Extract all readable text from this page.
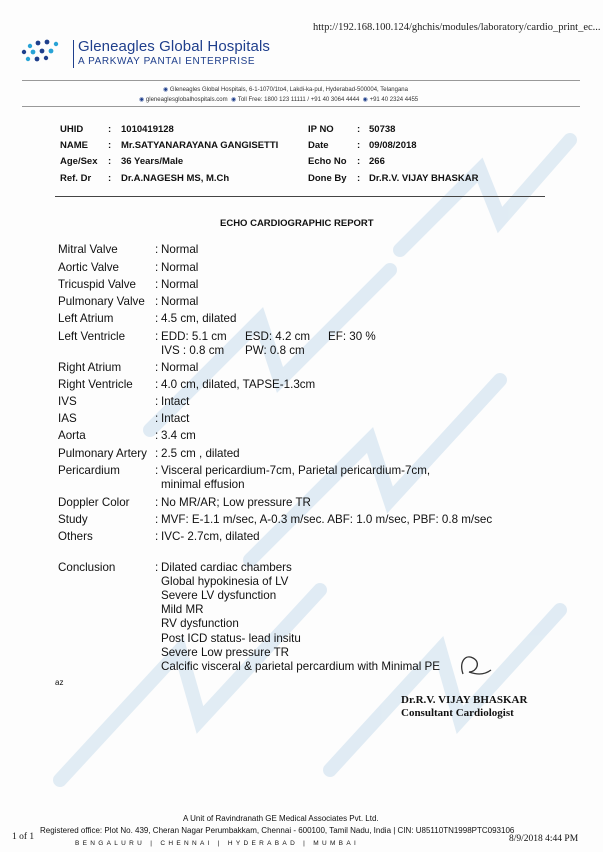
http://192.168.100.124/ghchis/modules/laboratory/cardio_print_ec...
Gleneagles Global Hospitals
A PARKWAY PANTAI ENTERPRISE
◉ Gleneagles Global Hospitals, 6-1-1070/1to4, Lakdi-ka-pul, Hyderabad-500004, Telangana
◉ gleneaglesglobalhospitals.com ◉ Toll Free: 1800 123 11111 / +91 40 3064 4444 ◉ +91 40 2324 4455
UHID	: 1010419128
NAME : Mr.SATYANARAYANA GANGISETTI
Age/Sex : 36 Years/Male
Ref. Dr : Dr.A.NAGESH MS, M.Ch
IP NO : 50738
Date	: 09/08/2018
Echo No : 266
Done By : Dr.R.V. VIJAY BHASKAR
ECHO CARDIOGRAPHIC REPORT
Mitral Valve	: Normal
Aortic Valve	: Normal
Tricuspid Valve : Normal
Pulmonary Valve : Normal
Left Atrium	: 4.5 cm, dilated
Left Ventricle	: EDD: 5.1 cm ESD: 4.2 cm EF: 30 %
IVS : 0.8 cm PW: 0.8 cm
Right Atrium	: Normal
Right Ventricle : 4.0 cm, dilated, TAPSE-1.3cm
IVS	: Intact
IAS	: Intact
Aorta	: 3.4 cm
Pulmonary Artery : 2.5 cm , dilated
Pericardium	: Visceral pericardium-7cm, Parietal pericardium-7cm,
minimal effusion
Doppler Color : No MR/AR; Low pressure TR
Study	: MVF: E-1.1 m/sec, A-0.3 m/sec. ABF: 1.0 m/sec, PBF: 0.8 m/sec
Others	: IVC- 2.7cm, dilated
Conclusion	: Dilated cardiac chambers
Global hypokinesia of LV
Severe LV dysfunction
Mild MR
RV dysfunction
Post ICD status- lead insitu
Severe Low pressure TR
Calcific visceral & parietal percardium with Minimal PE
az
Dr.R.V. VIJAY BHASKAR
Consultant Cardiologist
A Unit of Ravindranath GE Medical Associates Pvt. Ltd.
Registered office: Plot No. 439, Cheran Nagar Perumbakkam, Chennai - 600100, Tamil Nadu, India | CIN: U85110TN1998PTC093106
1 of 1
BENGALURU | CHENNAI | HYDERABAD | MUMBAI	8/9/2018 4:44 PM
